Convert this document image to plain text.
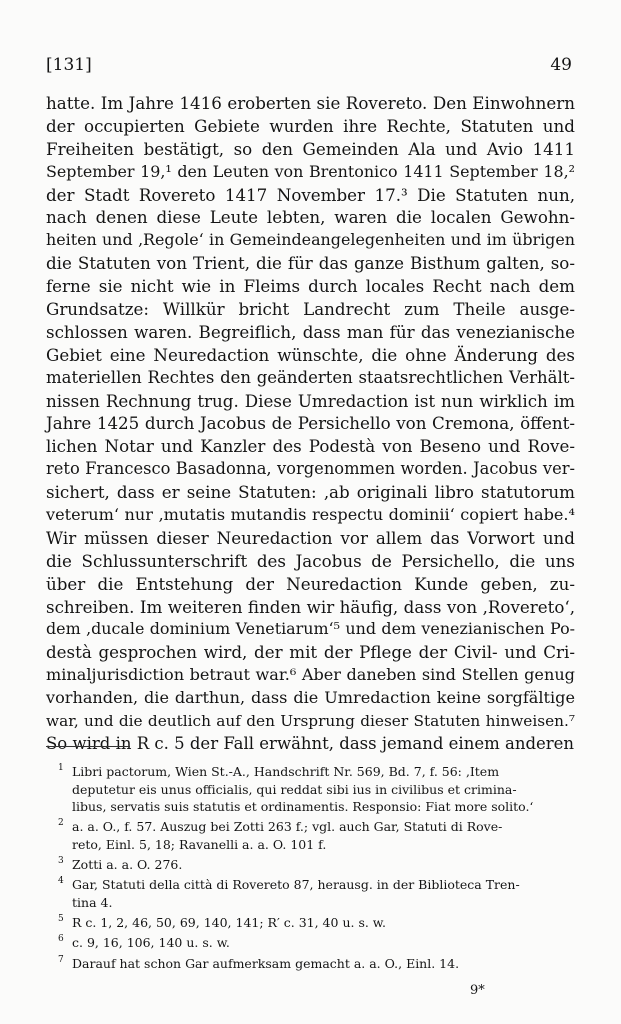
[131]	49
hatte. Im Jahre 1416 eroberten sie Rovereto. Den Einwohnern
der occupierten Gebiete wurden ihre Rechte, Statuten und
Freiheiten bestätigt, so den Gemeinden Ala und Avio 1411
September 19,¹ den Leuten von Brentonico 1411 September 18,²
der Stadt Rovereto 1417 November 17.³ Die Statuten nun,
nach denen diese Leute lebten, waren die localen Gewohn-
heiten und ‚Regole‘ in Gemeindeangelegenheiten und im übrigen
die Statuten von Trient, die für das ganze Bisthum galten, so-
ferne sie nicht wie in Fleims durch locales Recht nach dem
Grundsatze: Willkür bricht Landrecht zum Theile ausge-
schlossen waren. Begreiflich, dass man für das venezianische
Gebiet eine Neuredaction wünschte, die ohne Änderung des
materiellen Rechtes den geänderten staatsrechtlichen Verhält-
nissen Rechnung trug. Diese Umredaction ist nun wirklich im
Jahre 1425 durch Jacobus de Persichello von Cremona, öffent-
lichen Notar und Kanzler des Podestà von Beseno und Rove-
reto Francesco Basadonna, vorgenommen worden. Jacobus ver-
sichert, dass er seine Statuten: ‚ab originali libro statutorum
veterum‘ nur ‚mutatis mutandis respectu dominii‘ copiert habe.⁴
Wir müssen dieser Neuredaction vor allem das Vorwort und
die Schlussunterschrift des Jacobus de Persichello, die uns
über die Entstehung der Neuredaction Kunde geben, zu-
schreiben. Im weiteren finden wir häufig, dass von ‚Rovereto‘,
dem ‚ducale dominium Venetiarum‘⁵ und dem venezianischen Po-
destà gesprochen wird, der mit der Pflege der Civil- und Cri-
minaljurisdiction betraut war.⁶ Aber daneben sind Stellen genug
vorhanden, die darthun, dass die Umredaction keine sorgfältige
war, und die deutlich auf den Ursprung dieser Statuten hinweisen.⁷
So wird in R c. 5 der Fall erwähnt, dass jemand einem anderen
1 Libri pactorum, Wien St.-A., Handschrift Nr. 569, Bd. 7, f. 56: ‚Item
deputetur eis unus officialis, qui reddat sibi ius in civilibus et crimina-
libus, servatis suis statutis et ordinamentis. Responsio: Fiat more solito.‘
2 a. a. O., f. 57. Auszug bei Zotti 263 f.; vgl. auch Gar, Statuti di Rove-
reto, Einl. 5, 18; Ravanelli a. a. O. 101 f.
3 Zotti a. a. O. 276.
4 Gar, Statuti della città di Rovereto 87, herausg. in der Biblioteca Tren-
tina 4.
5 R c. 1, 2, 46, 50, 69, 140, 141; R′ c. 31, 40 u. s. w.
6 c. 9, 16, 106, 140 u. s. w.
7 Darauf hat schon Gar aufmerksam gemacht a. a. O., Einl. 14.
9*
